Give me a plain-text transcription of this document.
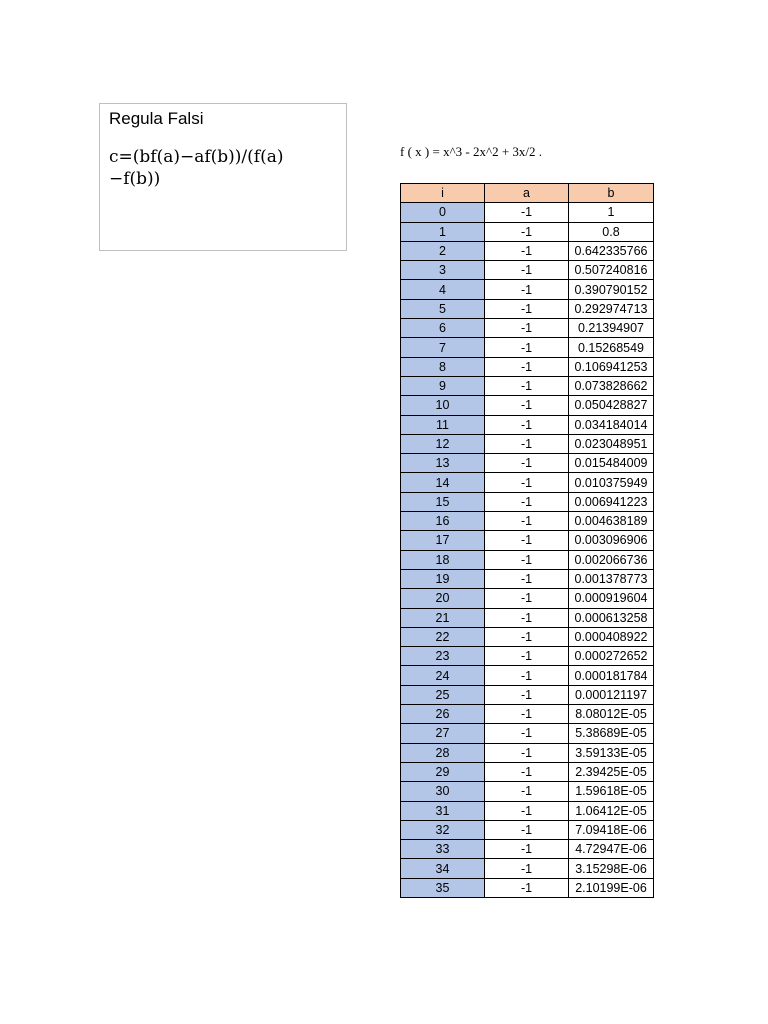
Regula Falsi

c=(bf(a)−af(b))/(f(a)
−f(b))
f ( x ) = x^3 - 2x^2 + 3x/2 .
i	a	b
0	-1	1
1	-1	0.8
2	-1	0.642335766
3	-1	0.507240816
4	-1	0.390790152
5	-1	0.292974713
6	-1	0.21394907
7	-1	0.15268549
8	-1	0.106941253
9	-1	0.073828662
10	-1	0.050428827
11	-1	0.034184014
12	-1	0.023048951
13	-1	0.015484009
14	-1	0.010375949
15	-1	0.006941223
16	-1	0.004638189
17	-1	0.003096906
18	-1	0.002066736
19	-1	0.001378773
20	-1	0.000919604
21	-1	0.000613258
22	-1	0.000408922
23	-1	0.000272652
24	-1	0.000181784
25	-1	0.000121197
26	-1	8.08012E-05
27	-1	5.38689E-05
28	-1	3.59133E-05
29	-1	2.39425E-05
30	-1	1.59618E-05
31	-1	1.06412E-05
32	-1	7.09418E-06
33	-1	4.72947E-06
34	-1	3.15298E-06
35	-1	2.10199E-06
